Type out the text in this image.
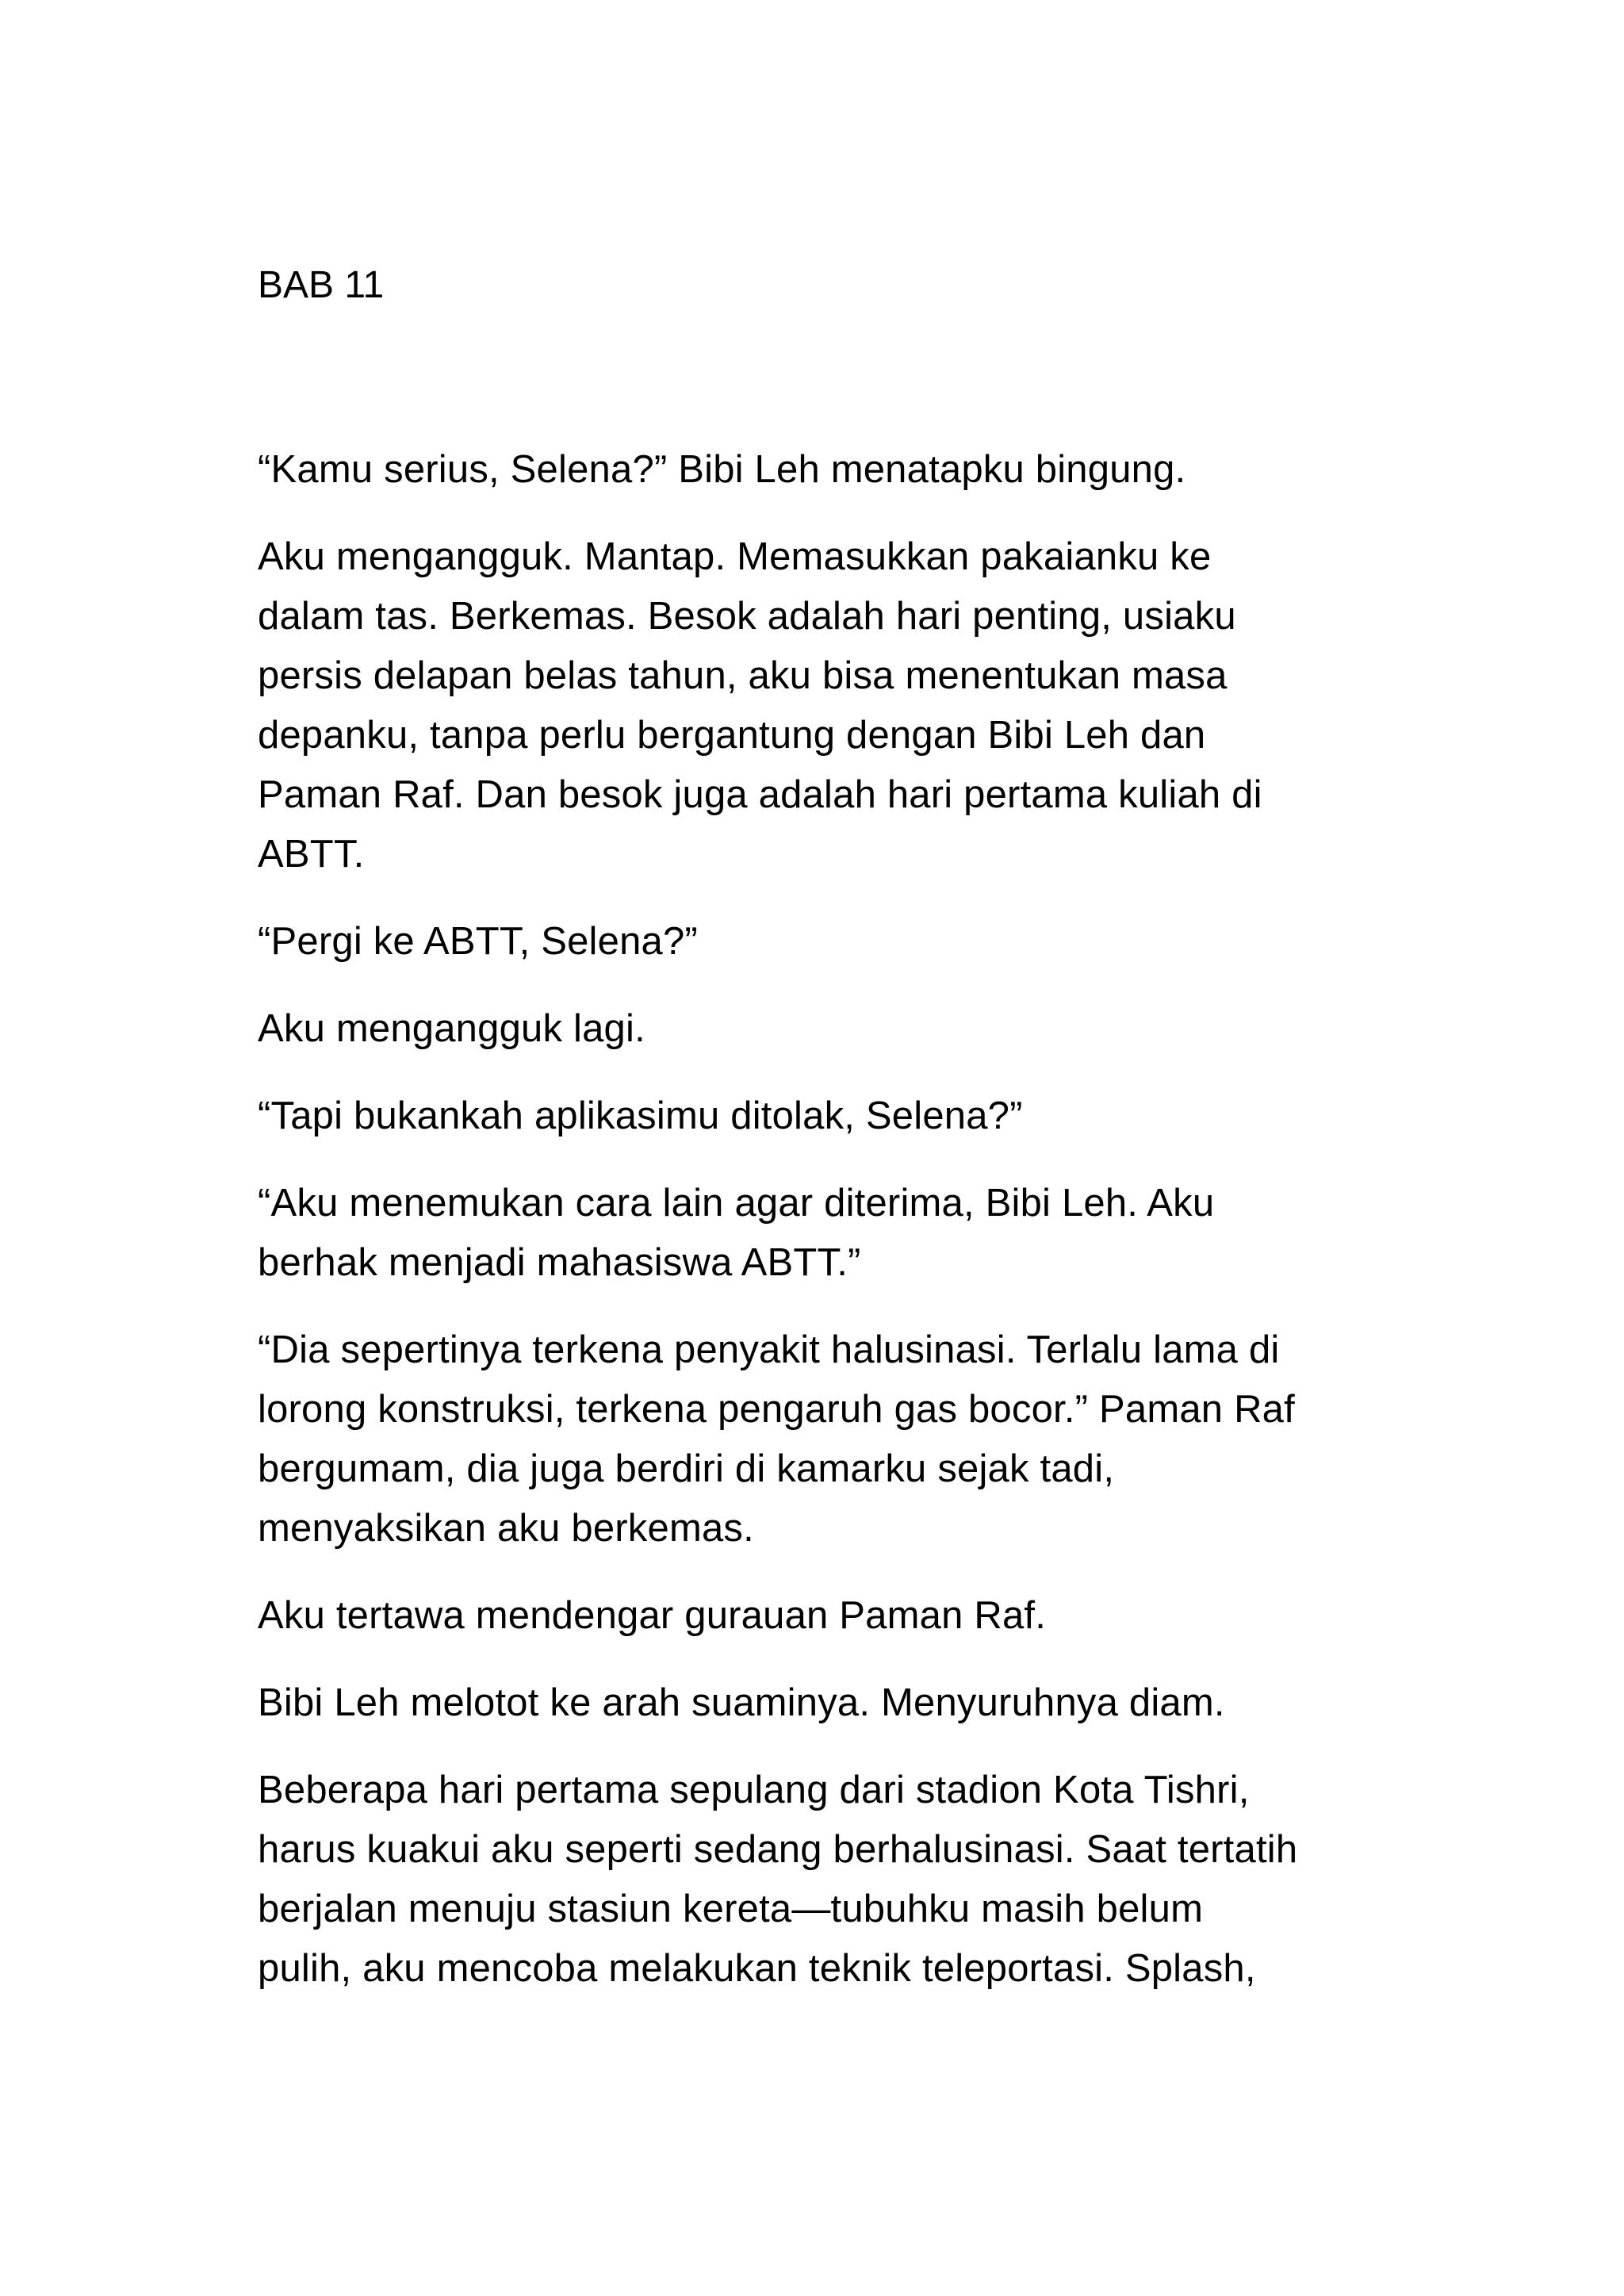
BAB 11

“Kamu serius, Selena?” Bibi Leh menatapku bingung.

Aku mengangguk. Mantap. Memasukkan pakaianku ke
dalam tas. Berkemas. Besok adalah hari penting, usiaku
persis delapan belas tahun, aku bisa menentukan masa
depanku, tanpa perlu bergantung dengan Bibi Leh dan
Paman Raf. Dan besok juga adalah hari pertama kuliah di
ABTT.

“Pergi ke ABTT, Selena?”

Aku mengangguk lagi.

“Tapi bukankah aplikasimu ditolak, Selena?”

“Aku menemukan cara lain agar diterima, Bibi Leh. Aku
berhak menjadi mahasiswa ABTT.”

“Dia sepertinya terkena penyakit halusinasi. Terlalu lama di
lorong konstruksi, terkena pengaruh gas bocor.” Paman Raf
bergumam, dia juga berdiri di kamarku sejak tadi,
menyaksikan aku berkemas.

Aku tertawa mendengar gurauan Paman Raf.

Bibi Leh melotot ke arah suaminya. Menyuruhnya diam.

Beberapa hari pertama sepulang dari stadion Kota Tishri,
harus kuakui aku seperti sedang berhalusinasi. Saat tertatih
berjalan menuju stasiun kereta—tubuhku masih belum
pulih, aku mencoba melakukan teknik teleportasi. Splash,
